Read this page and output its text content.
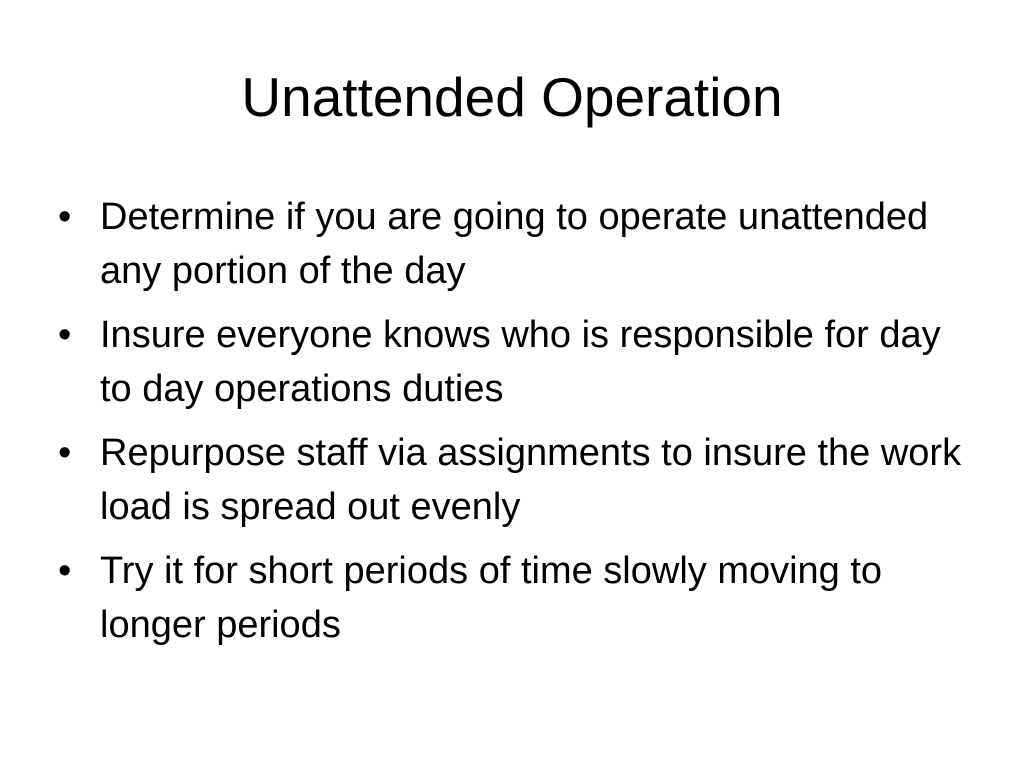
Unattended Operation
• Determine if you are going to operate unattended any portion of the day
• Insure everyone knows who is responsible for day to day operations duties
• Repurpose staff via assignments to insure the work load is spread out evenly
• Try it for short periods of time slowly moving to longer periods
